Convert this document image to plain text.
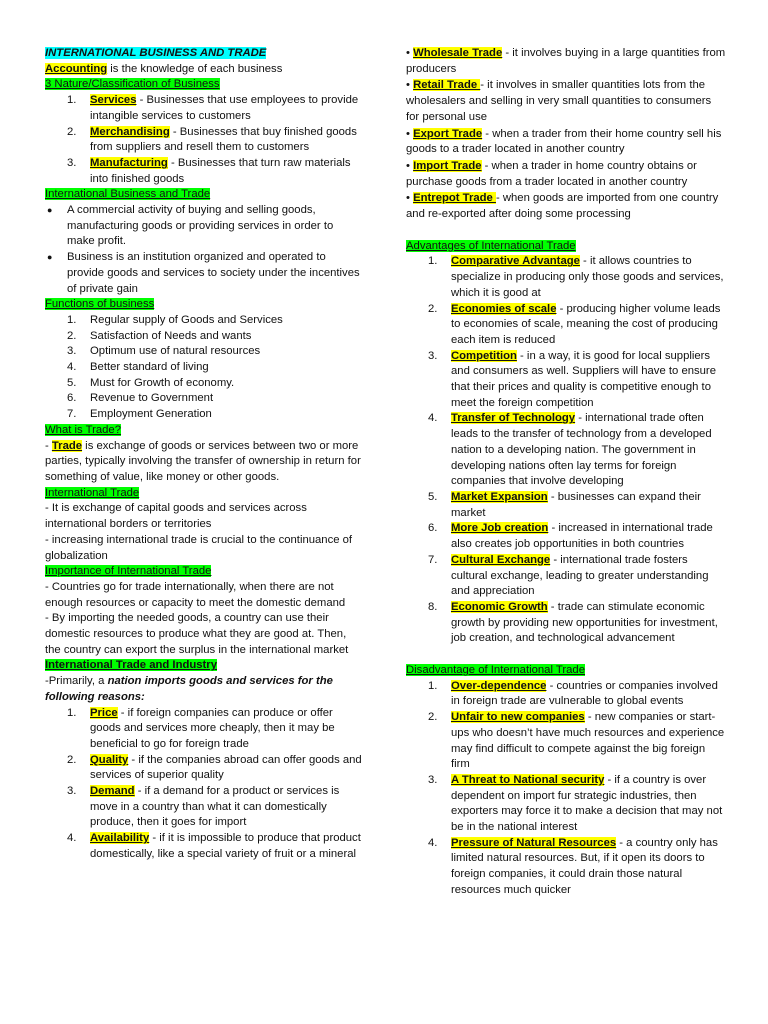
INTERNATIONAL BUSINESS AND TRADE

Accounting is the knowledge of each business

3 Nature/Classification of Business

1. Services - Businesses that use employees to provide intangible services to customers
2. Merchandising - Businesses that buy finished goods from suppliers and resell them to customers
3. Manufacturing - Businesses that turn raw materials into finished goods

International Business and Trade

● A commercial activity of buying and selling goods, manufacturing goods or providing services in order to make profit.
● Business is an institution organized and operated to provide goods and services to society under the incentives of private gain

Functions of business

1. Regular supply of Goods and Services
2. Satisfaction of Needs and wants
3. Optimum use of natural resources
4. Better standard of living
5. Must for Growth of economy.
6. Revenue to Government
7. Employment Generation

What is Trade?

- Trade is exchange of goods or services between two or more parties, typically involving the transfer of ownership in return for something of value, like money or other goods.

International Trade

- It is exchange of capital goods and services across international borders or territories

- increasing international trade is crucial to the continuance of globalization

Importance of International Trade

- Countries go for trade internationally, when there are not enough resources or capacity to meet the domestic demand

- By importing the needed goods, a country can use their domestic resources to produce what they are good at. Then, the country can export the surplus in the international market

International Trade and Industry

-Primarily, a nation imports goods and services for the following reasons:

1. Price - if foreign companies can produce or offer goods and services more cheaply, then it may be beneficial to go for foreign trade
2. Quality - if the companies abroad can offer goods and services of superior quality
3. Demand - if a demand for a product or services is move in a country than what it can domestically produce, then it goes for import
4. Availability - if it is impossible to produce that product domestically, like a special variety of fruit or a mineral

• Wholesale Trade - it involves buying in a large quantities from producers

• Retail Trade - it involves in smaller quantities lots from the wholesalers and selling in very small quantities to consumers for personal use

• Export Trade - when a trader from their home country sell his goods to a trader located in another country

• Import Trade - when a trader in home country obtains or purchase goods from a trader located in another country

• Entrepot Trade - when goods are imported from one country and re-exported after doing some processing

Advantages of International Trade

1. Comparative Advantage - it allows countries to specialize in producing only those goods and services, which it is good at
2. Economies of scale - producing higher volume leads to economies of scale, meaning the cost of producing each item is reduced
3. Competition - in a way, it is good for local suppliers and consumers as well. Suppliers will have to ensure that their prices and quality is competitive enough to meet the foreign competition
4. Transfer of Technology - international trade often leads to the transfer of technology from a developed nation to a developing nation. The government in developing nations often lay terms for foreign companies that involve developing
5. Market Expansion - businesses can expand their market
6. More Job creation - increased in international trade also creates job opportunities in both countries
7. Cultural Exchange - international trade fosters cultural exchange, leading to greater understanding and appreciation
8. Economic Growth - trade can stimulate economic growth by providing new opportunities for investment, job creation, and technological advancement

Disadvantage of International Trade

1. Over-dependence - countries or companies involved in foreign trade are vulnerable to global events
2. Unfair to new companies - new companies or start-ups who doesn’t have much resources and experience may find difficult to compete against the big foreign firm
3. A Threat to National security - if a country is over dependent on import fur strategic industries, then exporters may force it to make a decision that may not be in the national interest
4. Pressure of Natural Resources - a country only has limited natural resources. But, if it open its doors to foreign companies, it could drain those natural resources much quicker
